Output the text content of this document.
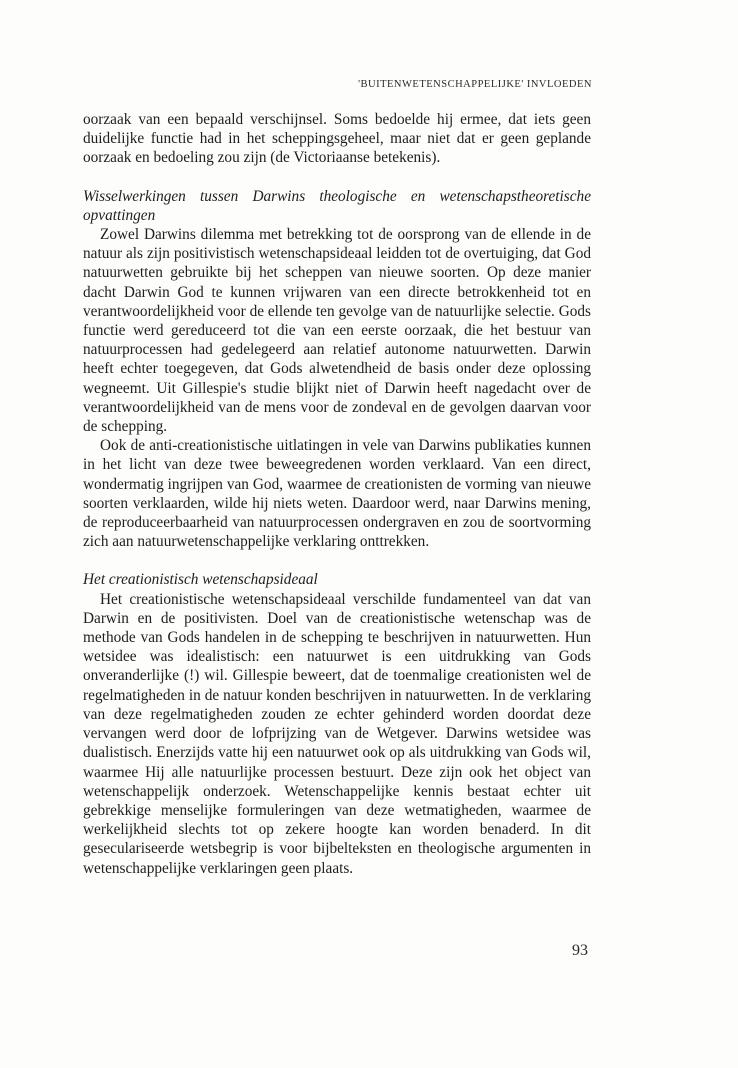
'BUITENWETENSCHAPPELIJKE' INVLOEDEN

oorzaak van een bepaald verschijnsel. Soms bedoelde hij ermee, dat iets geen duidelijke functie had in het scheppingsgeheel, maar niet dat er geen geplande oorzaak en bedoeling zou zijn (de Victoriaanse betekenis).

Wisselwerkingen tussen Darwins theologische en wetenschapstheoretische opvattingen

Zowel Darwins dilemma met betrekking tot de oorsprong van de ellende in de natuur als zijn positivistisch wetenschapsideaal leidden tot de overtuiging, dat God natuurwetten gebruikte bij het scheppen van nieuwe soorten. Op deze manier dacht Darwin God te kunnen vrijwaren van een directe betrokkenheid tot en verantwoordelijkheid voor de ellende ten gevolge van de natuurlijke selectie. Gods functie werd gereduceerd tot die van een eerste oorzaak, die het bestuur van natuurprocessen had gedelegeerd aan relatief autonome natuurwetten. Darwin heeft echter toegegeven, dat Gods alwetendheid de basis onder deze oplossing wegneemt. Uit Gillespie's studie blijkt niet of Darwin heeft nagedacht over de verantwoordelijkheid van de mens voor de zondeval en de gevolgen daarvan voor de schepping.

Ook de anti-creationistische uitlatingen in vele van Darwins publikaties kunnen in het licht van deze twee beweegredenen worden verklaard. Van een direct, wondermatig ingrijpen van God, waarmee de creationisten de vorming van nieuwe soorten verklaarden, wilde hij niets weten. Daardoor werd, naar Darwins mening, de reproduceerbaarheid van natuurprocessen ondergraven en zou de soortvorming zich aan natuurwetenschappelijke verklaring onttrekken.

Het creationistisch wetenschapsideaal

Het creationistische wetenschapsideaal verschilde fundamenteel van dat van Darwin en de positivisten. Doel van de creationistische wetenschap was de methode van Gods handelen in de schepping te beschrijven in natuurwetten. Hun wetsidee was idealistisch: een natuurwet is een uitdrukking van Gods onveranderlijke (!) wil. Gillespie beweert, dat de toenmalige creationisten wel de regelmatigheden in de natuur konden beschrijven in natuurwetten. In de verklaring van deze regelmatigheden zouden ze echter gehinderd worden doordat deze vervangen werd door de lofprijzing van de Wetgever. Darwins wetsidee was dualistisch. Enerzijds vatte hij een natuurwet ook op als uitdrukking van Gods wil, waarmee Hij alle natuurlijke processen bestuurt. Deze zijn ook het object van wetenschappelijk onderzoek. Wetenschappelijke kennis bestaat echter uit gebrekkige menselijke formuleringen van deze wetmatigheden, waarmee de werkelijkheid slechts tot op zekere hoogte kan worden benaderd. In dit geseculariseerde wetsbegrip is voor bijbelteksten en theologische argumenten in wetenschappelijke verklaringen geen plaats.

93
